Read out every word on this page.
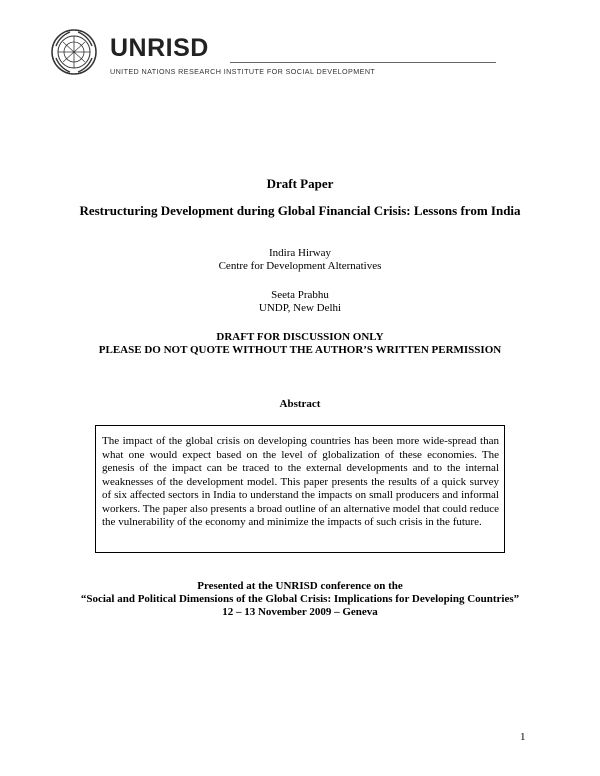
UNRISD
UNITED NATIONS RESEARCH INSTITUTE FOR SOCIAL DEVELOPMENT
Draft Paper
Restructuring Development during Global Financial Crisis: Lessons from India
Indira Hirway
Centre for Development Alternatives
Seeta Prabhu
UNDP, New Delhi
DRAFT FOR DISCUSSION ONLY
PLEASE DO NOT QUOTE WITHOUT THE AUTHOR’S WRITTEN PERMISSION
Abstract

The impact of the global crisis on developing countries has been more wide-spread than what one would expect based on the level of globalization of these economies. The genesis of the impact can be traced to the external developments and to the internal weaknesses of the development model. This paper presents the results of a quick survey of six affected sectors in India to understand the impacts on small producers and informal workers. The paper also presents a broad outline of an alternative model that could reduce the vulnerability of the economy and minimize the impacts of such crisis in the future.

Presented at the UNRISD conference on the
“Social and Political Dimensions of the Global Crisis: Implications for Developing Countries”
12 – 13 November 2009 – Geneva
1
